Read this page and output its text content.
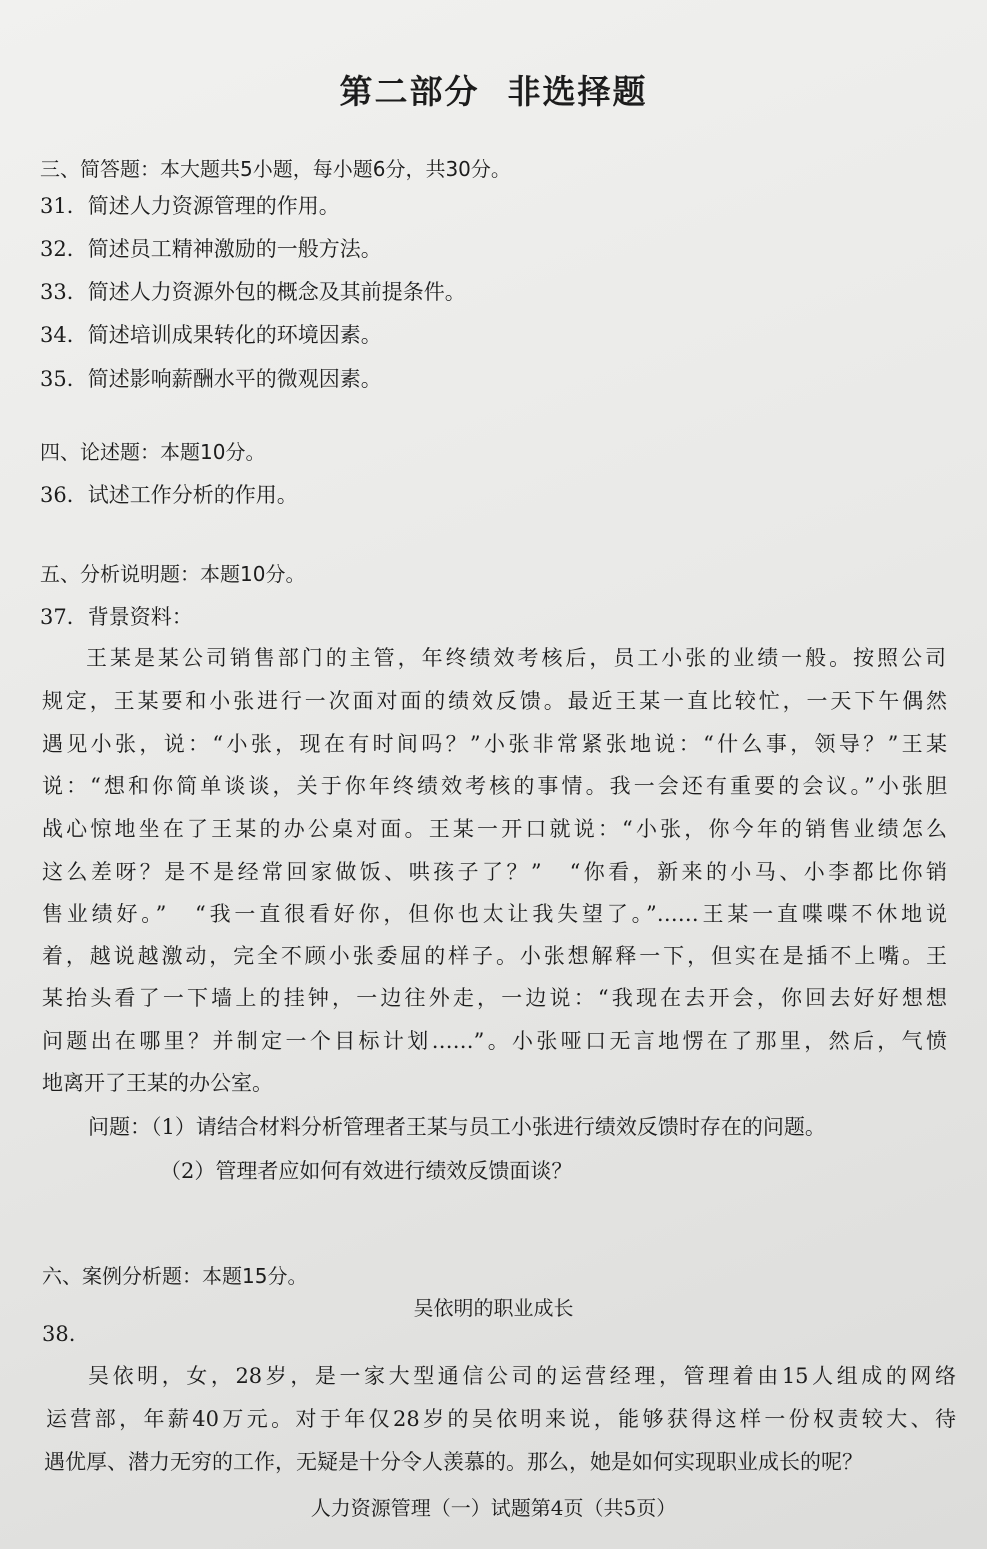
第二部分 非选择题
三、简答题：本大题共5小题，每小题6分，共30分。
31．简述人力资源管理的作用。
32．简述员工精神激励的一般方法。
33．简述人力资源外包的概念及其前提条件。
34．简述培训成果转化的环境因素。
35．简述影响薪酬水平的微观因素。
四、论述题：本题10分。
36．试述工作分析的作用。
五、分析说明题：本题10分。
37．背景资料：
王某是某公司销售部门的主管，年终绩效考核后，员工小张的业绩一般。按照公司
规定，王某要和小张进行一次面对面的绩效反馈。最近王某一直比较忙，一天下午偶然
遇见小张，说：“小张，现在有时间吗？”小张非常紧张地说：“什么事，领导？”王某
说：“想和你简单谈谈，关于你年终绩效考核的事情。我一会还有重要的会议。”小张胆
战心惊地坐在了王某的办公桌对面。王某一开口就说：“小张，你今年的销售业绩怎么
这么差呀？是不是经常回家做饭、哄孩子了？”　“你看，新来的小马、小李都比你销
售业绩好。”　“我一直很看好你，但你也太让我失望了。”……王某一直喋喋不休地说
着，越说越激动，完全不顾小张委屈的样子。小张想解释一下，但实在是插不上嘴。王
某抬头看了一下墙上的挂钟，一边往外走，一边说：“我现在去开会，你回去好好想想
问题出在哪里？并制定一个目标计划……”。小张哑口无言地愣在了那里，然后，气愤
地离开了王某的办公室。
问题：（1）请结合材料分析管理者王某与员工小张进行绩效反馈时存在的问题。
（2）管理者应如何有效进行绩效反馈面谈？
六、案例分析题：本题15分。
吴依明的职业成长
38.
吴依明，女，28岁，是一家大型通信公司的运营经理，管理着由15人组成的网络
运营部，年薪40万元。对于年仅28岁的吴依明来说，能够获得这样一份权责较大、待
遇优厚、潜力无穷的工作，无疑是十分令人羡慕的。那么，她是如何实现职业成长的呢？
人力资源管理（一）试题第4页（共5页）
